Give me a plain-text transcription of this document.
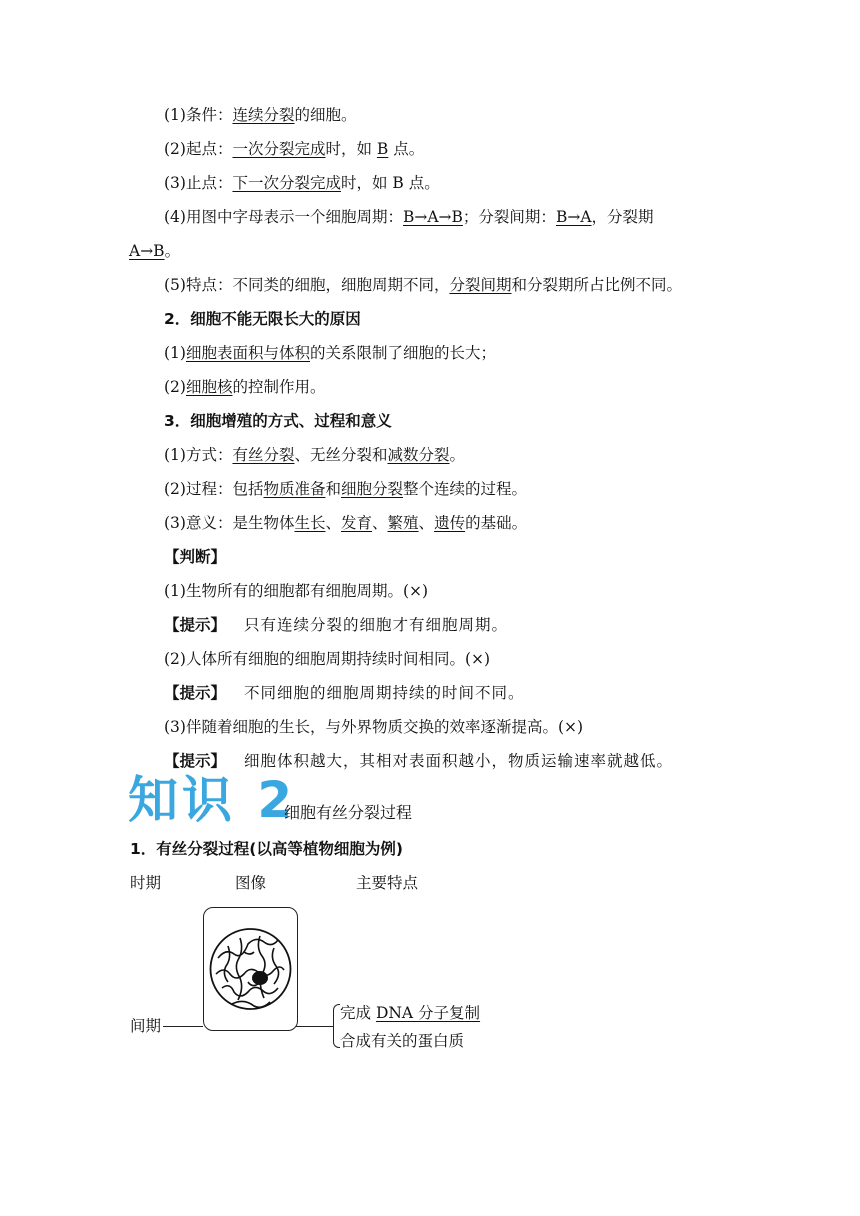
(1)条件：连续分裂的细胞。
(2)起点：一次分裂完成时，如 B 点。
(3)止点：下一次分裂完成时，如 B 点。
(4)用图中字母表示一个细胞周期：B→A→B；分裂间期：B→A，分裂期
A→B。
(5)特点：不同类的细胞，细胞周期不同，分裂间期和分裂期所占比例不同。
2．细胞不能无限长大的原因
(1)细胞表面积与体积的关系限制了细胞的长大；
(2)细胞核的控制作用。
3．细胞增殖的方式、过程和意义
(1)方式：有丝分裂、无丝分裂和减数分裂。
(2)过程：包括物质准备和细胞分裂整个连续的过程。
(3)意义：是生物体生长、发育、繁殖、遗传的基础。
【判断】
(1)生物所有的细胞都有细胞周期。(×)
【提示】 只有连续分裂的细胞才有细胞周期。
(2)人体所有细胞的细胞周期持续时间相同。(×)
【提示】 不同细胞的细胞周期持续的时间不同。
(3)伴随着细胞的生长，与外界物质交换的效率逐渐提高。(×)
【提示】 细胞体积越大，其相对表面积越小，物质运输速率就越低。
知识 2
细胞有丝分裂过程
1．有丝分裂过程(以高等植物细胞为例)
时期	图像	主要特点
间期
完成 DNA 分子复制
合成有关的蛋白质
